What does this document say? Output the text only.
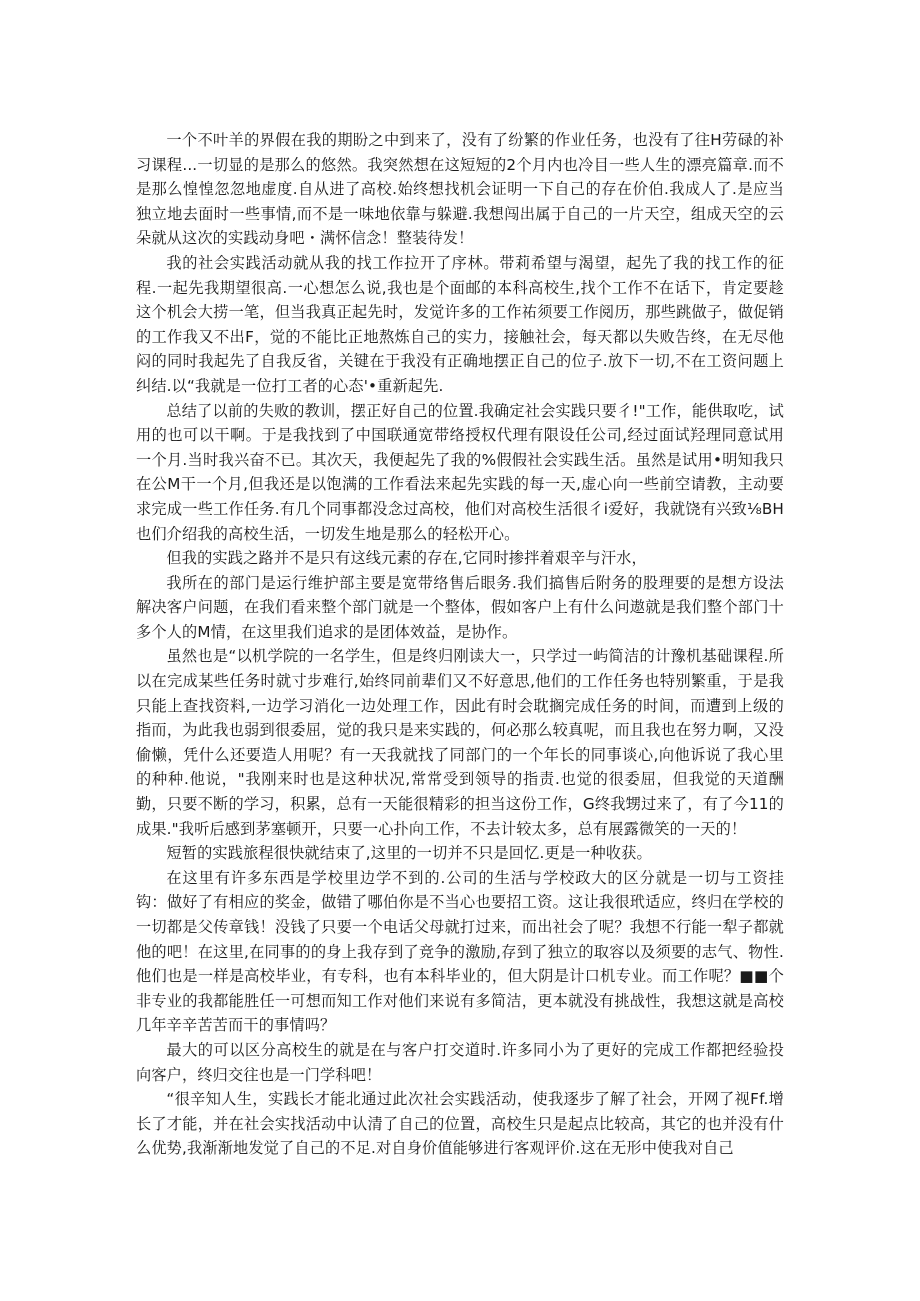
一个不叶羊的界假在我的期盼之中到来了，没有了纷繁的作业任务，也没有了往H劳碌的补习课程...一切显的是那么的悠然。我突然想在这短短的2个月内也冷目一些人生的漂亮篇章.而不是那么惶惶忽忽地虚度.自从进了高校.始终想找机会证明一下自己的存在价伯.我成人了.是应当独立地去面时一些事情,而不是一味地依靠与躲避.我想闯出属于自己的一片天空，组成天空的云朵就从这次的实践动身吧・满怀信念！整装待发！

我的社会实践活动就从我的找工作拉开了序林。带莉希望与渴望，起先了我的找工作的征程.一起先我期望很高.一心想怎么说,我也是个面邮的本科高校生,找个工作不在话下，肯定要趁这个机会大捞一笔，但当我真正起先时，发觉许多的工作祐须要工作阅历，那些跳做子，做促销的工作我又不出F，觉的不能比正地熬炼自己的实力，接触社会，每天都以失败告终，在无尽他闷的同时我起先了自我反省，关键在于我没有正确地摆正自己的位子.放下一切,不在工资问题上纠结.以“我就是一位打工者的心态'•重新起先.

总结了以前的失败的教训，摆正好自己的位置.我确定社会实践只要彳!"工作，能供取吃，试用的也可以干啊。于是我找到了中国联通宽带络授权代理有限设任公司,经过面试羟理同意试用一个月.当时我兴奋不已。其次天，我便起先了我的%假假社会实践生活。虽然是试用•明知我只在公M干一个月,但我还是以饱满的工作看法来起先实践的每一天,虚心向一些前空请教，主动要求完成一些工作任务.有几个同事都没念过高校，他们对高校生活很彳i爱好，我就饶有兴致⅛BH也们介绍我的高校生活，一切发生地是那么的轻松开心。

但我的实践之路并不是只有这线元素的存在,它同时掺拌着艰辛与汗水，

我所在的部门是运行维护部主要是宽带络售后眼务.我们搞售后附务的股理要的是想方设法解决客户问题，在我们看来整个部门就是一个整体，假如客户上有什么问遨就是我们整个部门十多个人的M情，在这里我们追求的是团体效益，是协作。

虽然也是“以机学院的一名学生，但是终归刚读大一，只学过一屿简洁的计豫机基础课程.所以在完成某些任务时就寸步难行,始终同前辈们又不好意思,他们的工作任务也特别繁重，于是我只能上查找资料,一边学习消化一边处理工作，因此有时会耽搁完成任务的时间，而遭到上级的指而，为此我也弱到很委屈，觉的我只是来实践的，何必那么较真呢，而且我也在努力啊，又没偷懒，凭什么还要造人用呢？有一天我就找了同部门的一个年长的同事谈心,向他诉说了我心里的种种.他说，"我刚来时也是这种状况,常常受到领导的指责.也觉的很委屈，但我觉的天道酬勤，只要不断的学习，积累，总有一天能很精彩的担当这份工作，G终我甥过来了，有了今11的成果."我听后感到茅塞顿开，只要一心扑向工作，不去计较太多，总有展露微笑的一天的！

短暂的实践旅程很快就结束了,这里的一切并不只是回忆.更是一种收获。

在这里有许多东西是学校里边学不到的.公司的生活与学校政大的区分就是一切与工资挂钩：做好了有相应的奖金，做错了哪伯你是不当心也要招工资。这让我很玳适应，终归在学校的一切都是父传章钱！没钱了只要一个电话父母就打过来，而出社会了呢？我想不行能一犁子都就他的吧！在这里,在同事的的身上我存到了竞争的激励,存到了独立的取容以及须要的志气、物性.他们也是一样是高校毕业，有专科，也有本科毕业的，但大阴是计口机专业。而工作呢？■■个非专业的我都能胜任一可想而知工作对他们来说有多简洁，更本就没有挑战性，我想这就是高校几年辛辛苦苦而干的事情吗？

最大的可以区分高校生的就是在与客户打交道时.许多同小为了更好的完成工作都把经验投向客户，终归交往也是一门学科吧！

“很辛知人生，实践长才能北通过此次社会实践活动，使我逐步了解了社会，开网了视Ff.增长了才能，并在社会实找活动中认清了自己的位置，高校生只是起点比较高，其它的也并没有什么优势,我渐渐地发觉了自己的不足.对自身价值能够进行客观评价.这在无形中使我对自己
